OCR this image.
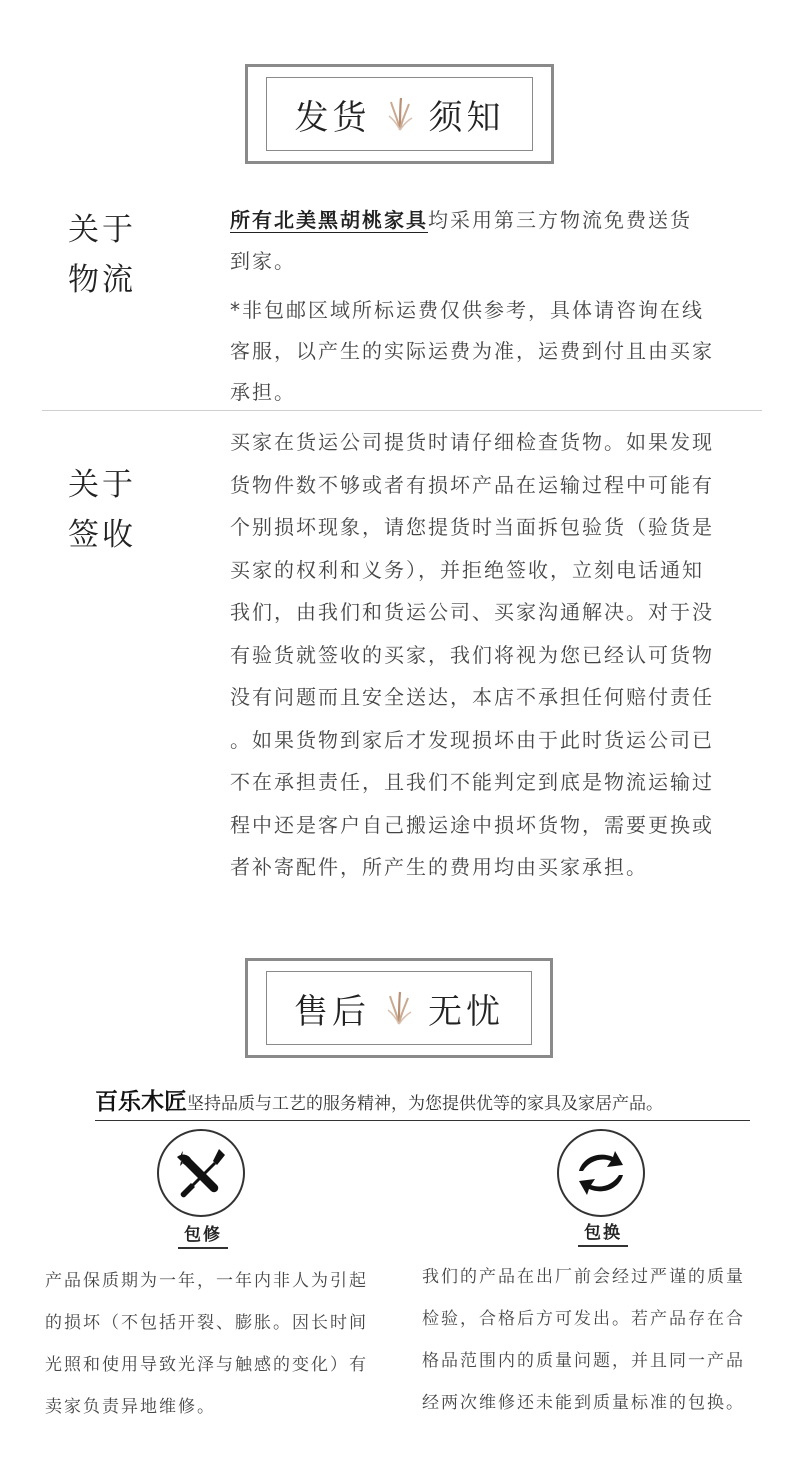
发货 须知
关于
物流

所有北美黑胡桃家具均采用第三方物流免费送货

到家。

*非包邮区域所标运费仅供参考，具体请咨询在线

客服，以产生的实际运费为准，运费到付且由买家

承担。

关于
签收

买家在货运公司提货时请仔细检查货物。如果发现

货物件数不够或者有损坏产品在运输过程中可能有

个别损坏现象，请您提货时当面拆包验货（验货是

买家的权利和义务），并拒绝签收，立刻电话通知

我们，由我们和货运公司、买家沟通解决。对于没

有验货就签收的买家，我们将视为您已经认可货物

没有问题而且安全送达，本店不承担任何赔付责任

。如果货物到家后才发现损坏由于此时货运公司已

不在承担责任，且我们不能判定到底是物流运输过

程中还是客户自己搬运途中损坏货物，需要更换或

者补寄配件，所产生的费用均由买家承担。

售后 无忧
百乐木匠坚持品质与工艺的服务精神，为您提供优等的家具及家居产品。
包修
产品保质期为一年，一年内非人为引起
的损坏（不包括开裂、膨胀。因长时间
光照和使用导致光泽与触感的变化）有
卖家负责异地维修。
包换
我们的产品在出厂前会经过严谨的质量
检验，合格后方可发出。若产品存在合
格品范围内的质量问题，并且同一产品
经两次维修还未能到质量标准的包换。
